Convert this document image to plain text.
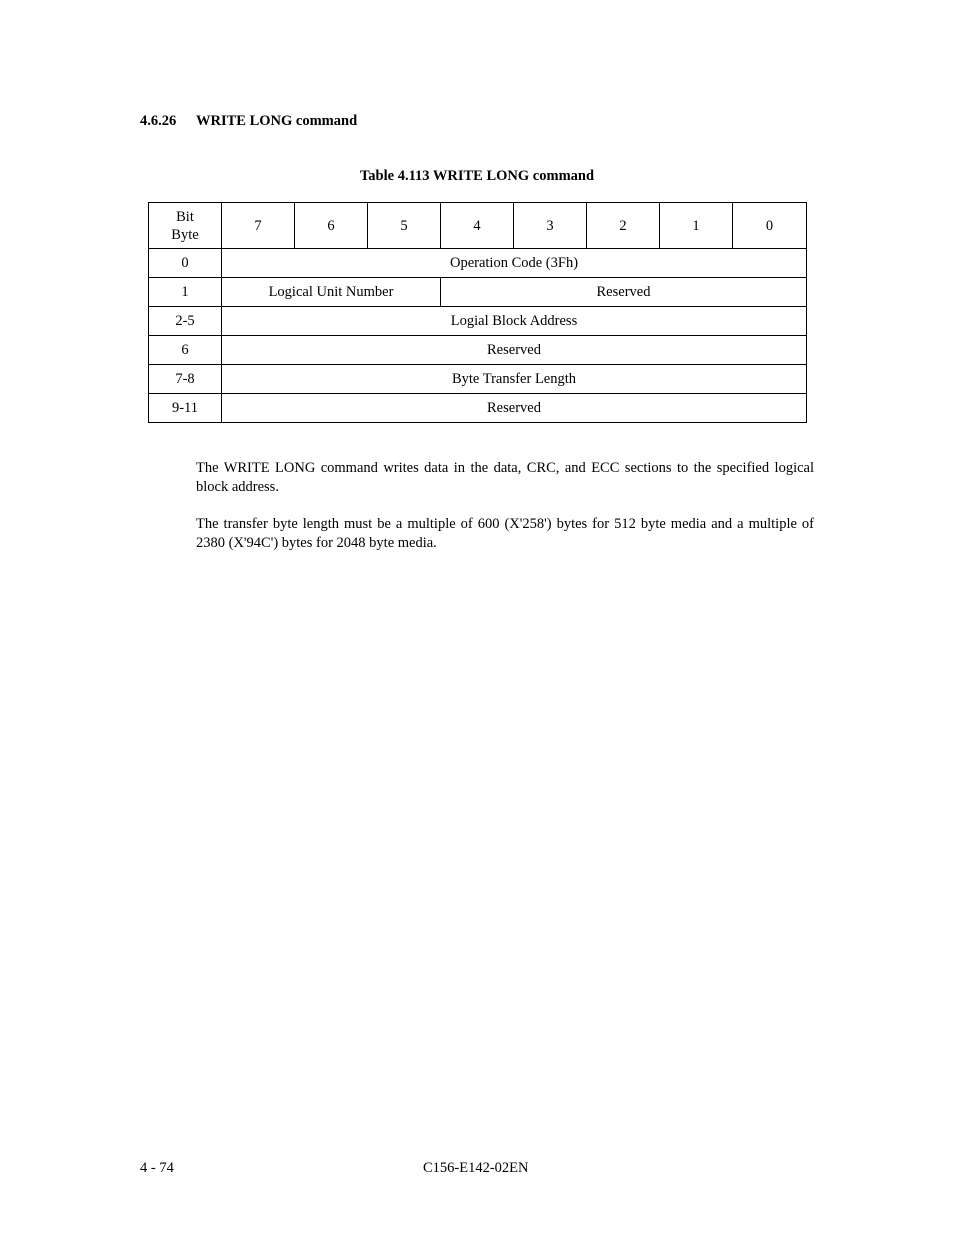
4.6.26 WRITE LONG command
Table 4.113 WRITE LONG command
Bit
Byte	7	6	5	4	3	2	1	0
0	Operation Code (3Fh)							
1	Logical Unit Number			Reserved				
2-5	Logial Block Address							
6	Reserved							
7-8	Byte Transfer Length							
9-11	Reserved							
The WRITE LONG command writes data in the data, CRC, and ECC sections to the specified logical block address.
The transfer byte length must be a multiple of 600 (X'258') bytes for 512 byte media and a multiple of 2380 (X'94C') bytes for 2048 byte media.
4 - 74	C156-E142-02EN
